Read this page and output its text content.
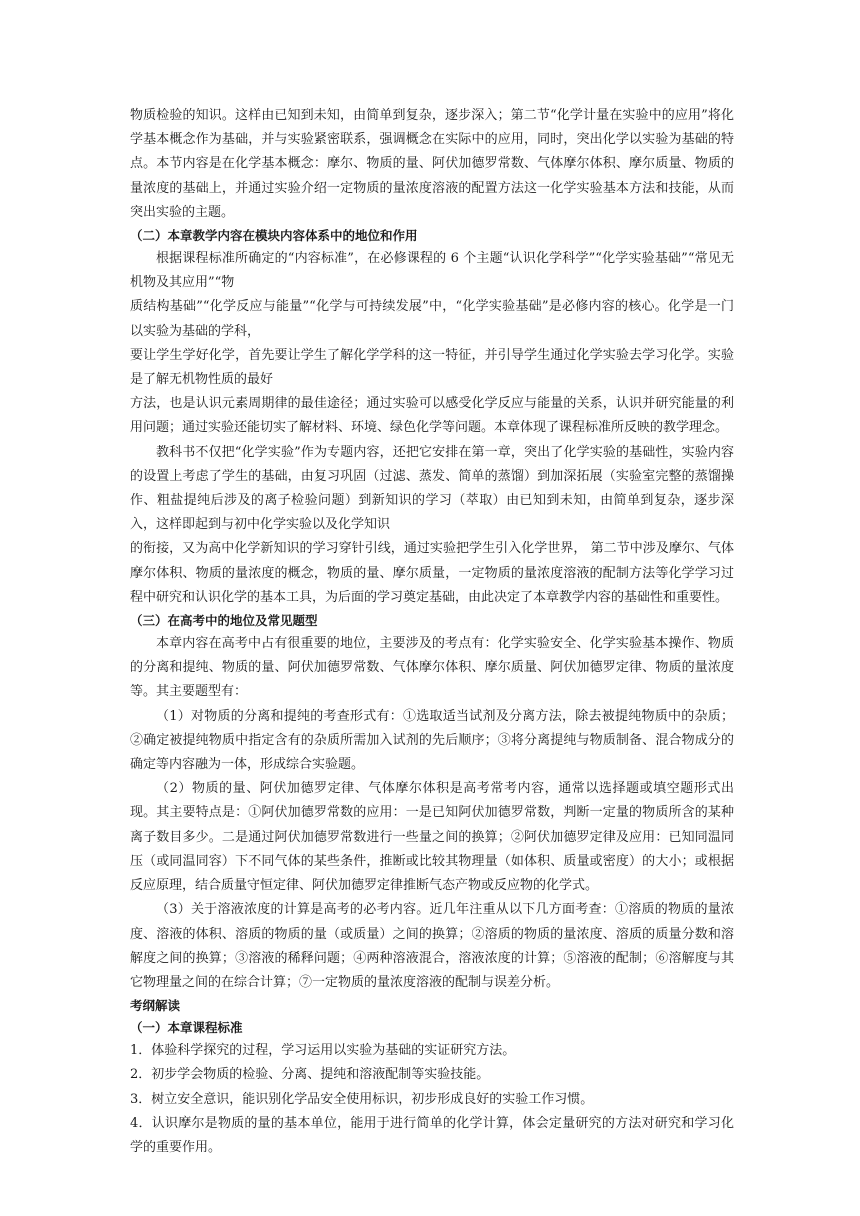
物质检验的知识。这样由已知到未知，由简单到复杂，逐步深入；第二节“化学计量在实验中的应用”将化学基本概念作为基础，并与实验紧密联系，强调概念在实际中的应用，同时，突出化学以实验为基础的特点。本节内容是在化学基本概念：摩尔、物质的量、阿伏加德罗常数、气体摩尔体积、摩尔质量、物质的量浓度的基础上，并通过实验介绍一定物质的量浓度溶液的配置方法这一化学实验基本方法和技能，从而突出实验的主题。

（二）本章教学内容在模块内容体系中的地位和作用

根据课程标准所确定的“内容标准”，在必修课程的 6 个主题“认识化学科学”“化学实验基础”“常见无机物及其应用”“物

质结构基础”“化学反应与能量”“化学与可持续发展”中，“化学实验基础”是必修内容的核心。化学是一门以实验为基础的学科，

要让学生学好化学，首先要让学生了解化学学科的这一特征，并引导学生通过化学实验去学习化学。实验是了解无机物性质的最好

方法，也是认识元素周期律的最佳途径；通过实验可以感受化学反应与能量的关系，认识并研究能量的利用问题；通过实验还能切实了解材料、环境、绿色化学等问题。本章体现了课程标准所反映的教学理念。

教科书不仅把“化学实验”作为专题内容，还把它安排在第一章，突出了化学实验的基础性，实验内容的设置上考虑了学生的基础，由复习巩固（过滤、蒸发、简单的蒸馏）到加深拓展（实验室完整的蒸馏操作、粗盐提纯后涉及的离子检验问题）到新知识的学习（萃取）由已知到未知，由简单到复杂，逐步深入，这样即起到与初中化学实验以及化学知识

的衔接，又为高中化学新知识的学习穿针引线，通过实验把学生引入化学世界， 第二节中涉及摩尔、气体摩尔体积、物质的量浓度的概念，物质的量、摩尔质量，一定物质的量浓度溶液的配制方法等化学学习过程中研究和认识化学的基本工具，为后面的学习奠定基础，由此决定了本章教学内容的基础性和重要性。

（三）在高考中的地位及常见题型

本章内容在高考中占有很重要的地位，主要涉及的考点有：化学实验安全、化学实验基本操作、物质的分离和提纯、物质的量、阿伏加德罗常数、气体摩尔体积、摩尔质量、阿伏加德罗定律、物质的量浓度等。其主要题型有：

（1）对物质的分离和提纯的考查形式有：①选取适当试剂及分离方法，除去被提纯物质中的杂质；②确定被提纯物质中指定含有的杂质所需加入试剂的先后顺序；③将分离提纯与物质制备、混合物成分的确定等内容融为一体，形成综合实验题。

（2）物质的量、阿伏加德罗定律、气体摩尔体积是高考常考内容，通常以选择题或填空题形式出现。其主要特点是：①阿伏加德罗常数的应用：一是已知阿伏加德罗常数，判断一定量的物质所含的某种离子数目多少。二是通过阿伏加德罗常数进行一些量之间的换算；②阿伏加德罗定律及应用：已知同温同压（或同温同容）下不同气体的某些条件，推断或比较其物理量（如体积、质量或密度）的大小；或根据反应原理，结合质量守恒定律、阿伏加德罗定律推断气态产物或反应物的化学式。

（3）关于溶液浓度的计算是高考的必考内容。近几年注重从以下几方面考查：①溶质的物质的量浓度、溶液的体积、溶质的物质的量（或质量）之间的换算；②溶质的物质的量浓度、溶质的质量分数和溶解度之间的换算；③溶液的稀释问题；④两种溶液混合，溶液浓度的计算；⑤溶液的配制；⑥溶解度与其它物理量之间的在综合计算；⑦一定物质的量浓度溶液的配制与误差分析。

考纲解读

（一）本章课程标准

1．体验科学探究的过程，学习运用以实验为基础的实证研究方法。

2．初步学会物质的检验、分离、提纯和溶液配制等实验技能。

3．树立安全意识，能识别化学品安全使用标识，初步形成良好的实验工作习惯。

4．认识摩尔是物质的量的基本单位，能用于进行简单的化学计算，体会定量研究的方法对研究和学习化学的重要作用。
